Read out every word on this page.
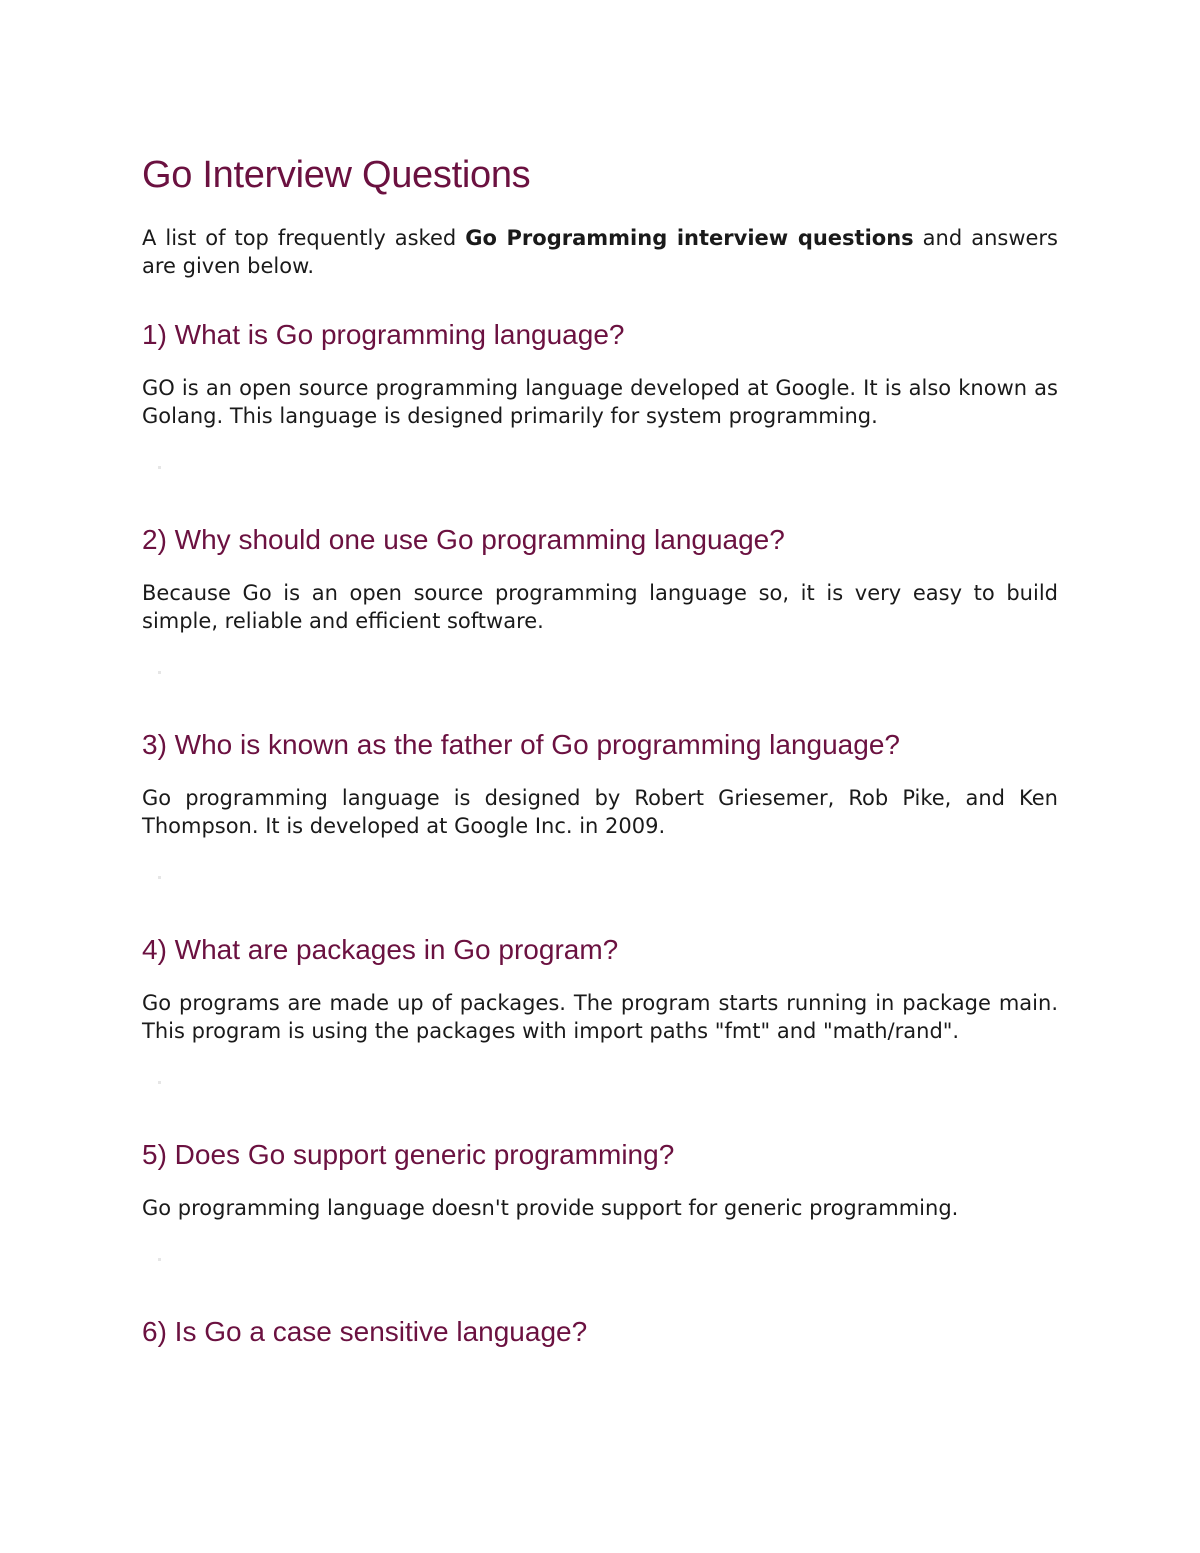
Go Interview Questions

A list of top frequently asked Go Programming interview questions and answers are given below.

1) What is Go programming language?

GO is an open source programming language developed at Google. It is also known as Golang. This language is designed primarily for system programming.

2) Why should one use Go programming language?

Because Go is an open source programming language so, it is very easy to build simple, reliable and efficient software.

3) Who is known as the father of Go programming language?

Go programming language is designed by Robert Griesemer, Rob Pike, and Ken Thompson. It is developed at Google Inc. in 2009.

4) What are packages in Go program?

Go programs are made up of packages. The program starts running in package main. This program is using the packages with import paths "fmt" and "math/rand".

5) Does Go support generic programming?

Go programming language doesn't provide support for generic programming.

6) Is Go a case sensitive language?
